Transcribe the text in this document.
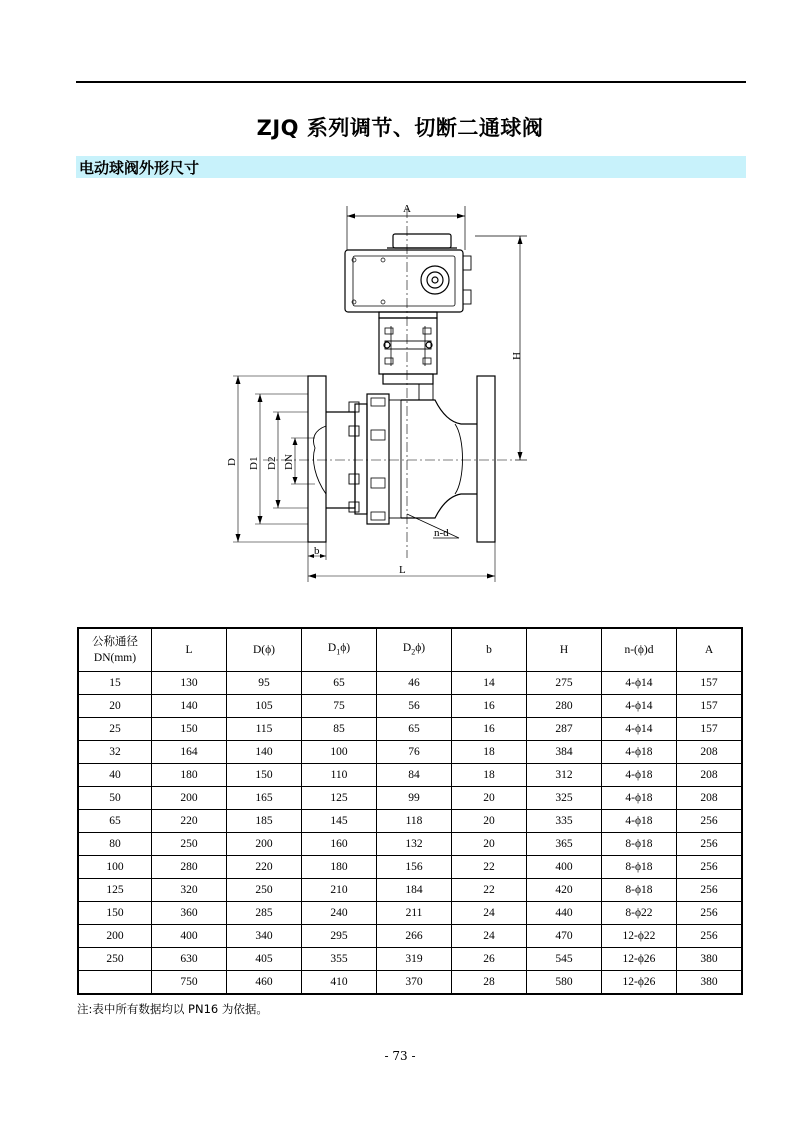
ZJQ 系列调节、切断二通球阀
电动球阀外形尺寸
A
H
D D1 D2 DN
b
L
n-d
公称通径
DN(mm)	L	D(ϕ)	$D_1\phi$)	$D_2\phi$)	b	H	n-(ϕ)d	A
15	130	95	65	46	14	275	4-ϕ14	157
20	140	105	75	56	16	280	4-ϕ14	157
25	150	115	85	65	16	287	4-ϕ14	157
32	164	140	100	76	18	384	4-ϕ18	208
40	180	150	110	84	18	312	4-ϕ18	208
50	200	165	125	99	20	325	4-ϕ18	208
65	220	185	145	118	20	335	4-ϕ18	256
80	250	200	160	132	20	365	8-ϕ18	256
100	280	220	180	156	22	400	8-ϕ18	256
125	320	250	210	184	22	420	8-ϕ18	256
150	360	285	240	211	24	440	8-ϕ22	256
200	400	340	295	266	24	470	12-ϕ22	256
250	630	405	355	319	26	545	12-ϕ26	380
	750	460	410	370	28	580	12-ϕ26	380
注:表中所有数据均以 PN16 为依据。
- 73 -
